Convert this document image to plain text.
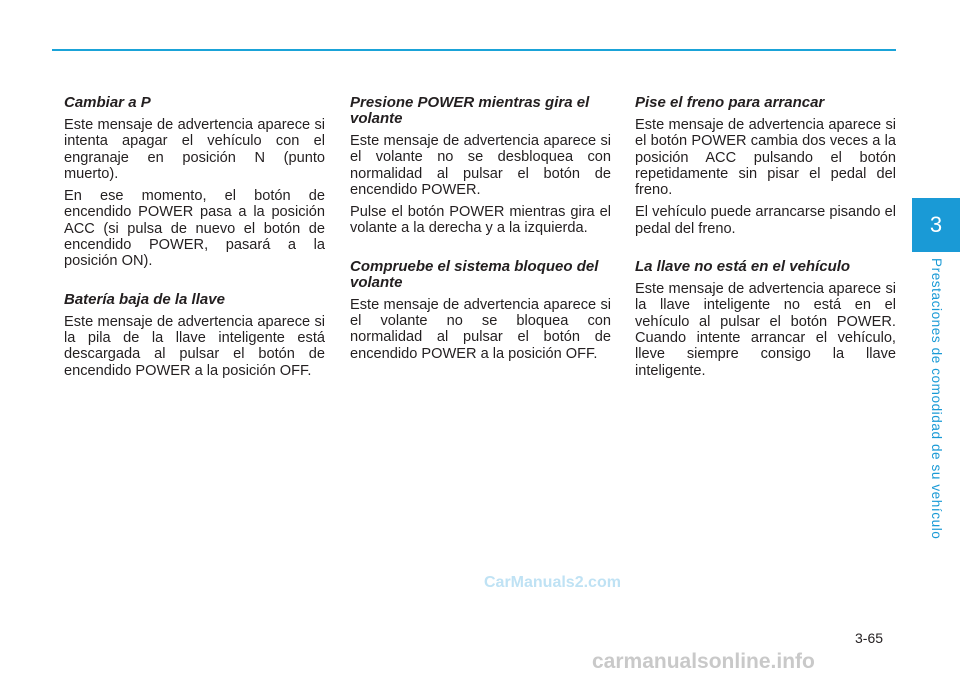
Cambiar a P

Este mensaje de advertencia aparece si intenta apagar el vehículo con el engranaje en posición N (punto muerto).

En ese momento, el botón de encendido POWER pasa a la posición ACC (si pulsa de nuevo el botón de encendido POWER, pasará a la posición ON).

Batería baja de la llave

Este mensaje de advertencia aparece si la pila de la llave inteligente está descargada al pulsar el botón de encendido POWER a la posición OFF.

Presione POWER mientras gira el volante

Este mensaje de advertencia aparece si el volante no se desbloquea con normalidad al pulsar el botón de encendido POWER.

Pulse el botón POWER mientras gira el volante a la derecha y a la izquierda.

Compruebe el sistema bloqueo del volante

Este mensaje de advertencia aparece si el volante no se bloquea con normalidad al pulsar el botón de encendido POWER a la posición OFF.

Pise el freno para arrancar

Este mensaje de advertencia aparece si el botón POWER cambia dos veces a la posición ACC pulsando el botón repetidamente sin pisar el pedal del freno.

El vehículo puede arrancarse pisando el pedal del freno.

La llave no está en el vehículo

Este mensaje de advertencia aparece si la llave inteligente no está en el vehículo al pulsar el botón POWER. Cuando intente arrancar el vehículo, lleve siempre consigo la llave inteligente.

3
Prestaciones de comodidad de su vehículo
CarManuals2.com
3-65
carmanualsonline.info
